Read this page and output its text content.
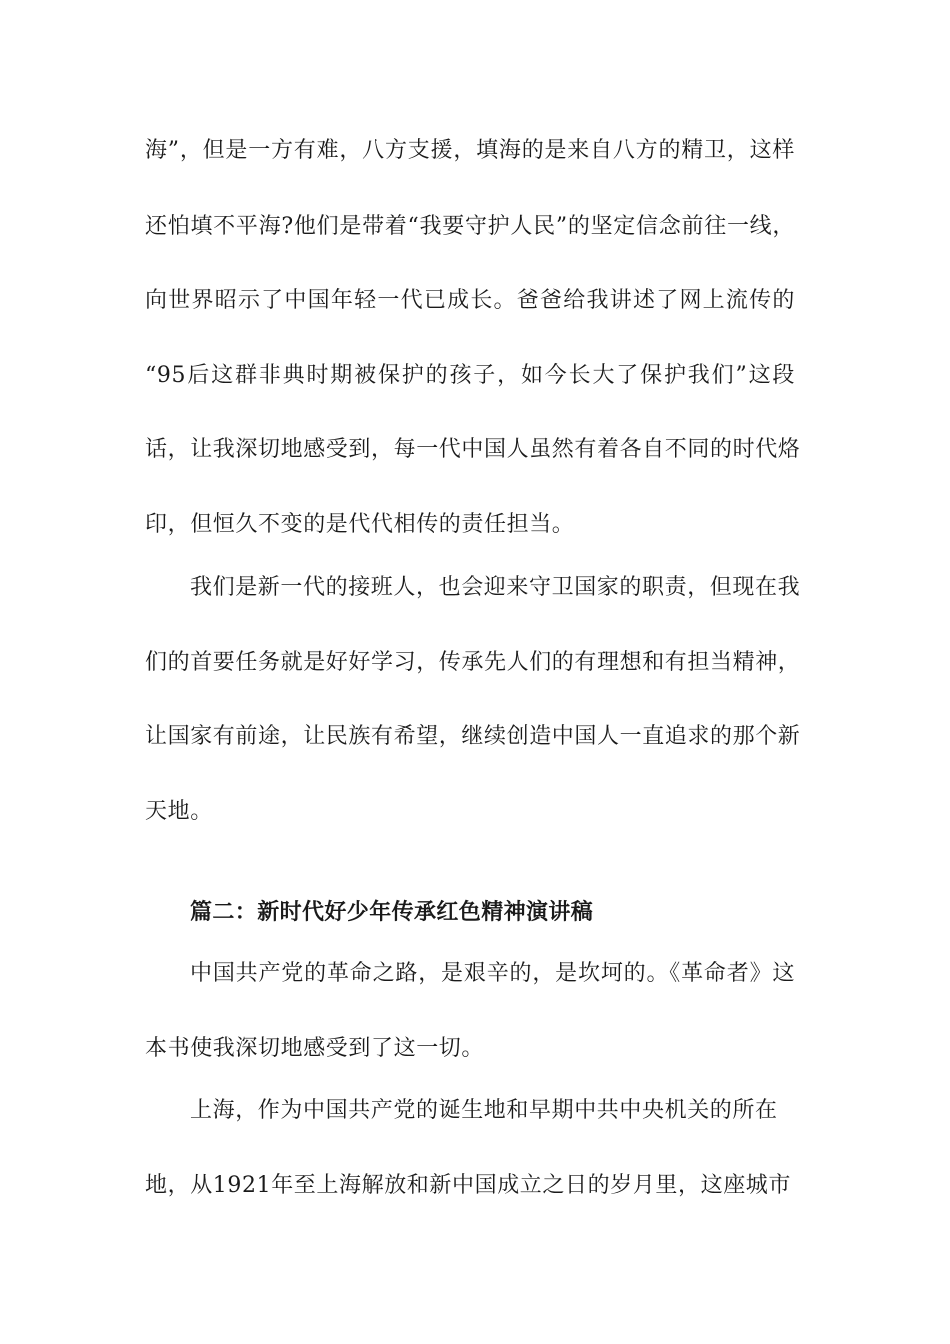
海”，但是一方有难，八方支援，填海的是来自八方的精卫，这样
还怕填不平海?他们是带着“我要守护人民”的坚定信念前往一线，
向世界昭示了中国年轻一代已成长。爸爸给我讲述了网上流传的
“95后这群非典时期被保护的孩子，如今长大了保护我们”这段
话，让我深切地感受到，每一代中国人虽然有着各自不同的时代烙
印，但恒久不变的是代代相传的责任担当。
我们是新一代的接班人，也会迎来守卫国家的职责，但现在我
们的首要任务就是好好学习，传承先人们的有理想和有担当精神，
让国家有前途，让民族有希望，继续创造中国人一直追求的那个新
天地。
篇二：新时代好少年传承红色精神演讲稿
中国共产党的革命之路，是艰辛的，是坎坷的。《革命者》这
本书使我深切地感受到了这一切。
上海，作为中国共产党的诞生地和早期中共中央机关的所在
地，从1921年至上海解放和新中国成立之日的岁月里，这座城市
